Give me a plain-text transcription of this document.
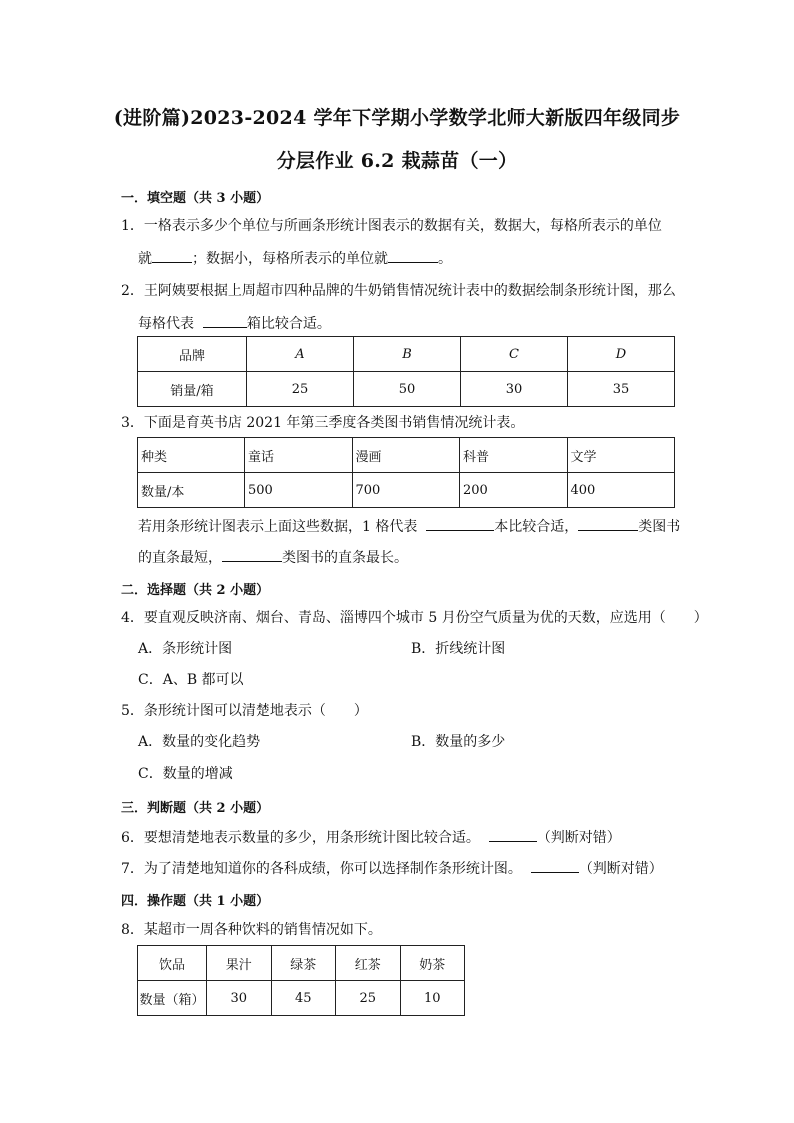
(进阶篇)2023-2024 学年下学期小学数学北师大新版四年级同步
分层作业 6.2 栽蒜苗（一）
一．填空题（共 3 小题）
1．一格表示多少个单位与所画条形统计图表示的数据有关，数据大，每格所表示的单位
就	；数据小，每格所表示的单位就	。
2．王阿姨要根据上周超市四种品牌的牛奶销售情况统计表中的数据绘制条形统计图，那么
每格代表	箱比较合适。
品牌	A	B	C	D
销量/箱	25	50	30	35
3．下面是育英书店 2021 年第三季度各类图书销售情况统计表。
种类	童话	漫画	科普	文学
数量/本	500	700	200	400
若用条形统计图表示上面这些数据，1 格代表	本比较合适，	类图书
的直条最短，	类图书的直条最长。
二．选择题（共 2 小题）
4．要直观反映济南、烟台、青岛、淄博四个城市 5 月份空气质量为优的天数，应选用（　　）
A．条形统计图	B．折线统计图
C．A、B 都可以
5．条形统计图可以清楚地表示（　　）
A．数量的变化趋势	B．数量的多少
C．数量的增减
三．判断题（共 2 小题）
6．要想清楚地表示数量的多少，用条形统计图比较合适。	（判断对错）
7．为了清楚地知道你的各科成绩，你可以选择制作条形统计图。	（判断对错）
四．操作题（共 1 小题）
8．某超市一周各种饮料的销售情况如下。
饮品	果汁	绿茶	红茶	奶茶
数量（箱）	30	45	25	10
